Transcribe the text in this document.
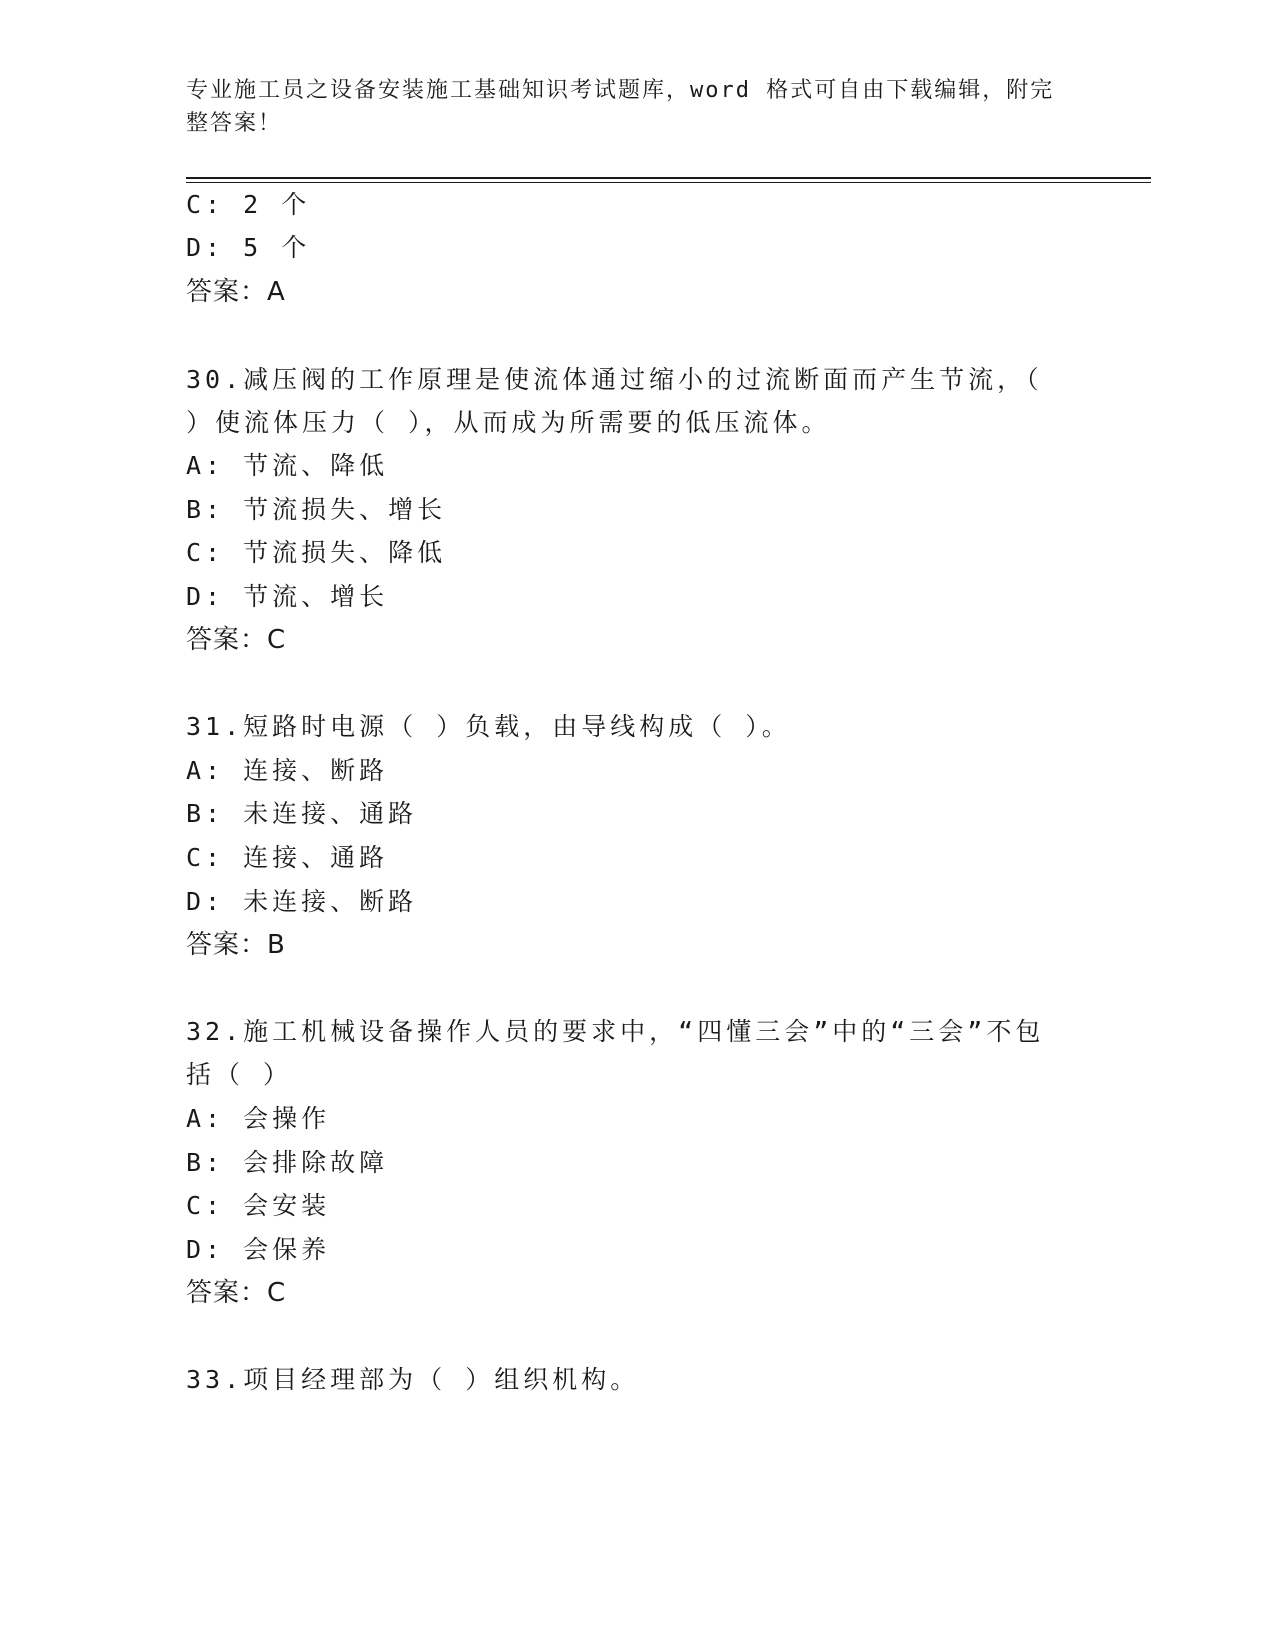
专业施工员之设备安装施工基础知识考试题库，word 格式可自由下载编辑，附完
整答案！
C: 2 个
D: 5 个
答案：A
30.减压阀的工作原理是使流体通过缩小的过流断面而产生节流，（
）使流体压力（ ），从而成为所需要的低压流体。
A: 节流、降低
B: 节流损失、增长
C: 节流损失、降低
D: 节流、增长
答案：C
31.短路时电源（ ）负载，由导线构成（ ）。
A: 连接、断路
B: 未连接、通路
C: 连接、通路
D: 未连接、断路
答案：B
32.施工机械设备操作人员的要求中，“四懂三会”中的“三会”不包
括（ ）
A: 会操作
B: 会排除故障
C: 会安装
D: 会保养
答案：C
33.项目经理部为（ ）组织机构。
